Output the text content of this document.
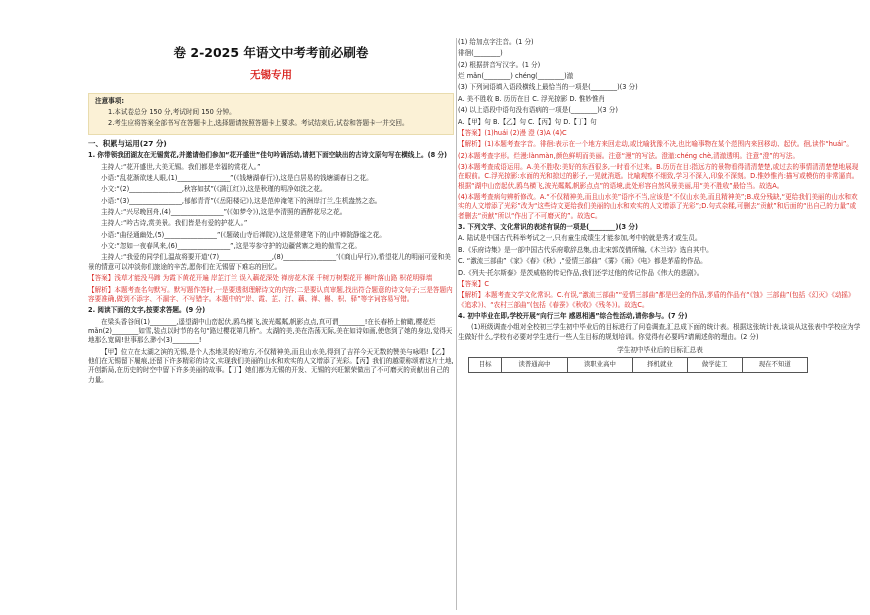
卷 2-2025 年语文中考考前必刷卷
无锡专用
注意事项:

1.本试卷总分 150 分,考试时间 150 分钟。

2.考生应将答案全部书写在答题卡上,选择题请按照答题卡上要求。考试结束后,试卷和答题卡一并交回。

一、积累与运用(27 分)

1. 你带领我团湖友在无锡赏花,并邀请他们参加“花开盛世”佳句吟诵活动,请把下面空缺出的古诗文原句写在横线上。(8 分)

主持人:“花开盛世,大美无锡。我们都是幸福的赏花人。”

小语:“乱花渐欲迷人眼,(1)________________”(《钱塘湖春行》),这是白居易的钱塘湖春日之花。

小文:“(2)________________,秋容如拭”(《满江红》),这是秋瑾的明净如洗之花。

小语:“(3)________________,郁郁青青”(《岳阳楼记》),这是范仲淹笔下的洲岸汀兰,生机盎然之态。

主持人:“兴尽晚回舟,(4)________________”(《如梦令》),这是李清照的酒醉花尽之花。

主持人:“吟古诗,赏美景。我们皆是有爱的护花人。”

小语:“曲径通幽处,(5)________________”(《题破山寺后禅院》),这是常建笔下的山中禅院静谧之花。

小文:“忽如一夜春风来,(6)________________”,这是岑参守护的边疆营寨之地的傲雪之花。

主持人:“我爱的同学们,温故将要开道‘(7)________________,(8)________________’(《商山早行》),希望花儿的明丽可爱和美景的情意可以冲淡你们旅途的辛苦,愿你们在无锡留下难忘的回忆。

【答案】浅草才能没马蹄 为霞下黄花开遍 岸芷汀兰 误入藕花深处 禅房花木深 千树万树梨花开 槲叶落山路 枳花明驿墙

【解析】本题考查名句默写。默写题作答时,一是要透彻理解诗文的内容;二是要认真审题,找出符合题意的诗文句子;三是答题内容要准确,做到不添字、不漏字、不写错字。本题中的“岸、霞、芷、汀、藕、禅、槲、枳、驿”等字词容易写错。

2. 阅读下面的文字,按要求答题。(9 分)

在梁头香谷间(1)________,遥望湖中山峦起伏,鸥鸟横飞,波光粼粼,帆影点点,真可谓________!在长春桥上俯瞰,樱花烂 mǎn(2)________如雪,装点以时节的名句“路过樱花第几桥”。太湖的美,美在浩荡无际,美在如诗如画,使您到了她的身边,觉得天地那么宽阔!世事那么渺小(3)________!

【甲】位立在太湖之滨的无锡,是个人杰地灵的好地方,不仅精神美,而且山水美,得到了吉祥今天无数的赞美与咏唱!【乙】他们在无锡留下履痕,还留下许多精彩的诗文,实现我们美丽的山水和欢实的人文增添了光彩。【丙】我们的越蒙称颂着这片土地,开创新局,在历史的时空中留下许多美丽的故事。【丁】她们都为无锡的开发、无锡的兴旺繁荣做出了不可磨灭的贡献出自己的力量。

(1) 给加点字注音。(1 分)

徘徊(________)

(2) 根据拼音写汉字。(1 分)

烂 mǎn(________) chéng(________)澈

(3) 下列词语填入语段横线上最恰当的一项是(________)(3 分)

A. 美不胜收 B. 历历在目 C. 浮光掠影 D. 惟妙惟肖

(4) 以上语段中语句没有语病的一项是(________)(3 分)

A.【甲】句 B.【乙】句 C.【丙】句 D.【丁】句

【答案】(1)huái (2)漫 澄 (3)A (4)C

【解析】(1)本题考查字音。徘徊:表示在一个地方来回走动,或比喻犹豫不决,也比喻事物在某个范围内来回移动、起伏。徊,读作“huái”。

(2)本题考查字形。烂漫:lànmàn,颜色鲜明而美丽。注意“漫”的写法。澄澈:chéng chè,清澈透明。注意“澄”的写法。

(3)本题考查成语运用。A.美不胜收:美好的东西很多,一时看不过来。B.历历在目:指远方的景物看得清清楚楚,或过去的事情清清楚楚地展现在眼前。C.浮光掠影:水面的光和掠过的影子,一晃就消逝。比喻观察不细致,学习不深入,印象不深刻。D.惟妙惟肖:描写或模仿的非常逼真。根据“湖中山峦起伏,鸥鸟横飞,波光粼粼,帆影点点”的语境,此处形容自然风景美丽,用“美不胜收”最恰当。故选A。

(4)本题考查病句辨析修改。A.“不仅精神美,而且山水美”语序不当,应该是“不仅山水美,而且精神美”;B.成分残缺,“更给我们美丽的山水和欢实的人文增添了光彩”改为“这些诗文更给我们美丽的山水和欢实的人文增添了光彩”;D.句式杂糅,可删去“贡献”和后面的“出自己的力量”或者删去“贡献”所以“作出了不可磨灭的”。故选C。

3. 下列文学、文化常识的表述有误的一项是(________)(3 分)

A. 陆试是中国古代科举考试之一,只有童生成绩生才能参加,考中的就是秀才或生员。

B.《乐府诗集》是一部中国古代乐府歌辞总集,由北宋郭茂倩所编,《木兰诗》选自其中。

C. “激流三部曲”《家》《春》《秋》,“爱情三部曲”《雾》《雨》《电》都是茅盾的作品。

D.《列夫·托尔斯泰》是茨威格的传记作品,我们还学过他的传记作品《伟大的悲剧》。

【答案】C

【解析】本题考查文学文化常识。C.有误,“激流三部曲”“爱情三部曲”都是巴金的作品,茅盾的作品有“《蚀》三部曲”(包括《幻灭》《动摇》《追求》)、“农村三部曲”(包括《春蚕》《秋收》《残冬》)。故选C。

4. 初中毕业在即,学校开展“向行三年 感恩相遇”综合性活动,请你参与。(7 分)

(1)班级调查小组对全校初三学生初中毕业后的目标进行了问卷调查,汇总成下面的统计表。根据这张统计表,谈谈从这张表中学校应为学生做好什么,学校有必要对学生进行一些人生目标的规划培训。你觉得有必要吗?请阐述你的理由。(2 分)

学生初中毕业后的目标汇总表
目标	读普通高中	读职业高中	择机就业	做学徒工	现在不知道
